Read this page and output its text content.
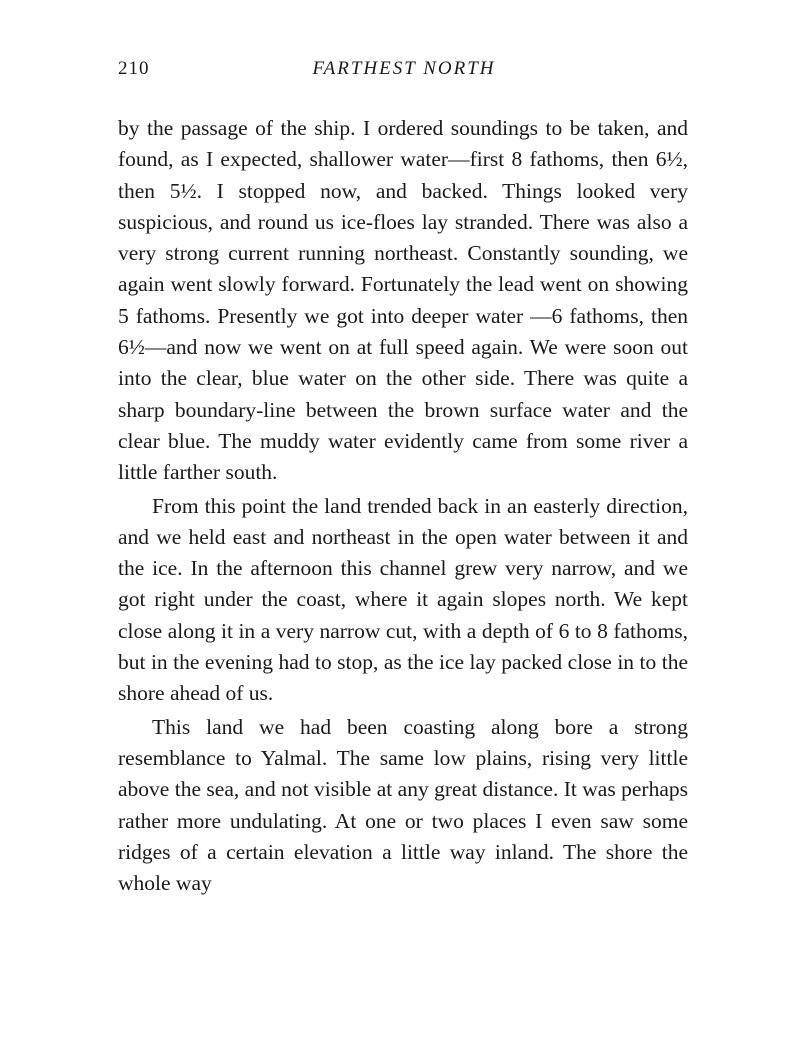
210	FARTHEST NORTH

by the passage of the ship. I ordered soundings to be taken, and found, as I expected, shallower water—first 8 fathoms, then 6½, then 5½. I stopped now, and backed. Things looked very suspicious, and round us ice-floes lay stranded. There was also a very strong current running northeast. Constantly sounding, we again went slowly forward. Fortunately the lead went on showing 5 fathoms. Presently we got into deeper water —6 fathoms, then 6½—and now we went on at full speed again. We were soon out into the clear, blue water on the other side. There was quite a sharp boundary-line between the brown surface water and the clear blue. The muddy water evidently came from some river a little farther south.

From this point the land trended back in an easterly direction, and we held east and northeast in the open water between it and the ice. In the afternoon this channel grew very narrow, and we got right under the coast, where it again slopes north. We kept close along it in a very narrow cut, with a depth of 6 to 8 fathoms, but in the evening had to stop, as the ice lay packed close in to the shore ahead of us.

This land we had been coasting along bore a strong resemblance to Yalmal. The same low plains, rising very little above the sea, and not visible at any great distance. It was perhaps rather more undulating. At one or two places I even saw some ridges of a certain elevation a little way inland. The shore the whole way
